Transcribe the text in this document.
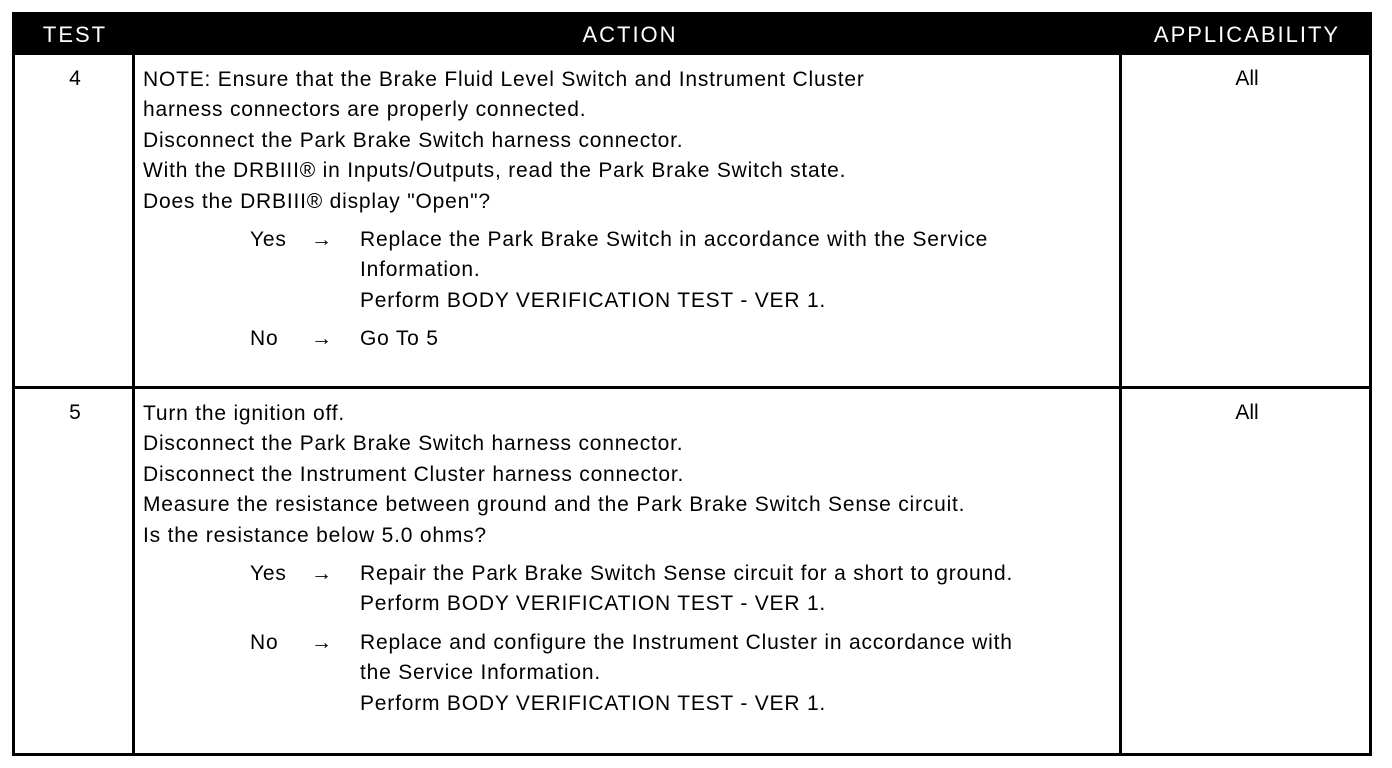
TEST	ACTION	APPLICABILITY
4	NOTE: Ensure that the Brake Fluid Level Switch and Instrument Cluster
harness connectors are properly connected.
Disconnect the Park Brake Switch harness connector.
With the DRBIII® in Inputs/Outputs, read the Park Brake Switch state.
Does the DRBIII® display "Open"?
Yes	→	Replace the Park Brake Switch in accordance with the Service
Information.
Perform BODY VERIFICATION TEST - VER 1.
No	→	Go To 5
All
5	Turn the ignition off.
Disconnect the Park Brake Switch harness connector.
Disconnect the Instrument Cluster harness connector.
Measure the resistance between ground and the Park Brake Switch Sense circuit.
Is the resistance below 5.0 ohms?
Yes	→	Repair the Park Brake Switch Sense circuit for a short to ground.
Perform BODY VERIFICATION TEST - VER 1.
No	→	Replace and configure the Instrument Cluster in accordance with
the Service Information.
Perform BODY VERIFICATION TEST - VER 1.
All
